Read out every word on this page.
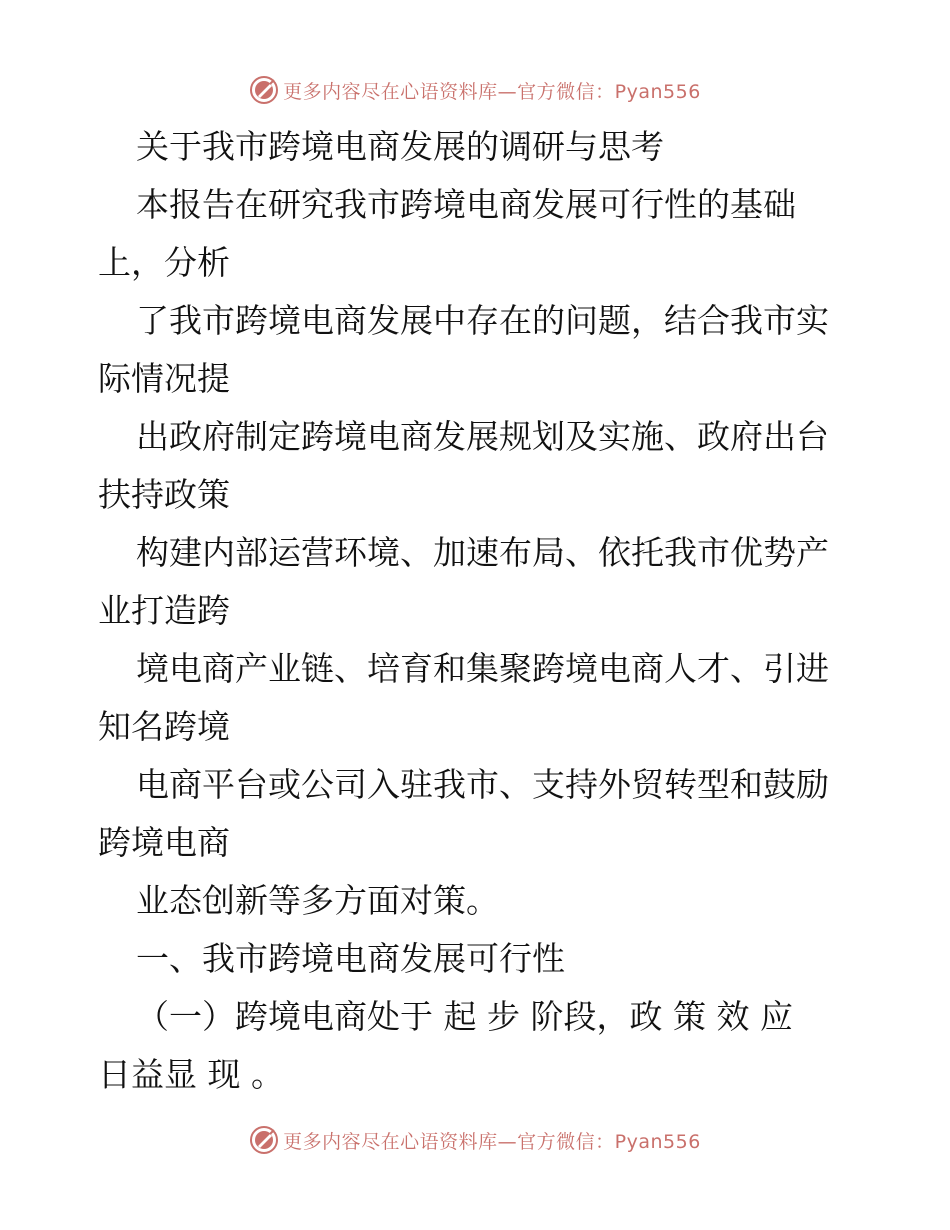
更多内容尽在心语资料库—官方微信：Pyan556
关于我市跨境电商发展的调研与思考
本报告在研究我市跨境电商发展可行性的基础
上，分析
了我市跨境电商发展中存在的问题，结合我市实
际情况提
出政府制定跨境电商发展规划及实施、政府出台
扶持政策
构建内部运营环境、加速布局、依托我市优势产
业打造跨
境电商产业链、培育和集聚跨境电商人才、引进
知名跨境
电商平台或公司入驻我市、支持外贸转型和鼓励
跨境电商
业态创新等多方面对策。
一、我市跨境电商发展可行性
（一）跨境电商处于 起 步 阶段，政 策 效 应
日益显 现 。
更多内容尽在心语资料库—官方微信：Pyan556
